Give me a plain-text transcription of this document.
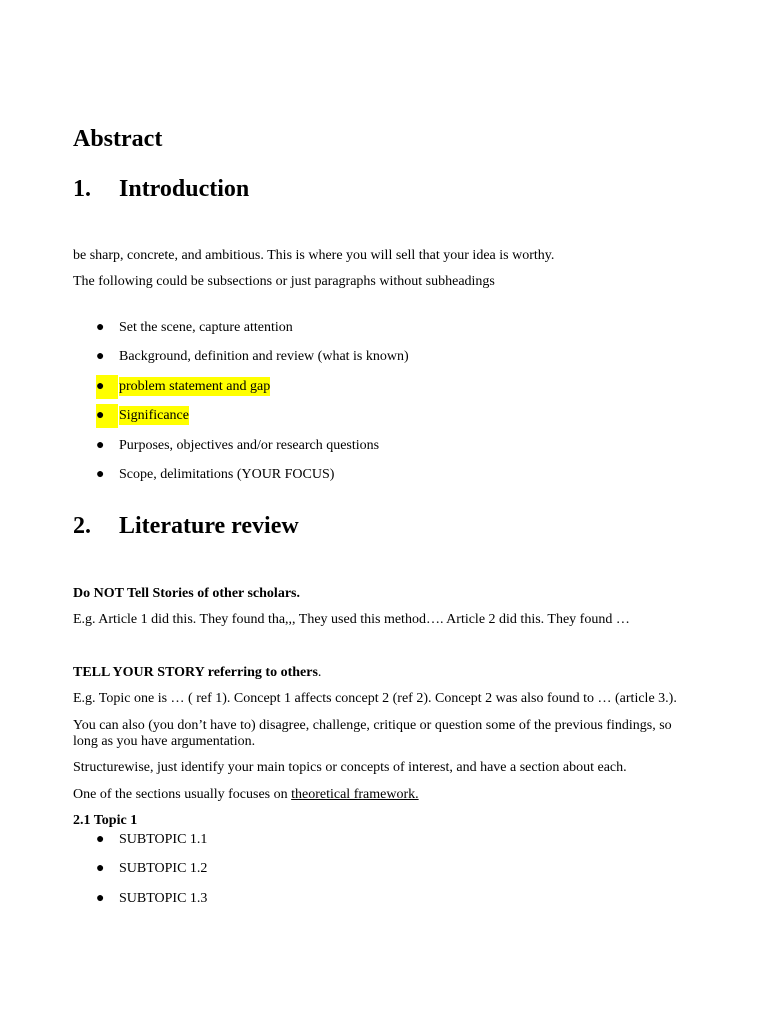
Abstract
1. Introduction

be sharp, concrete, and ambitious. This is where you will sell that your idea is worthy.

The following could be subsections or just paragraphs without subheadings

●	Set the scene, capture attention
●	Background, definition and review (what is known)
●	problem statement and gap
●	Significance
●	Purposes, objectives and/or research questions
●	Scope, delimitations (YOUR FOCUS)
2. Literature review

Do NOT Tell Stories of other scholars.

E.g. Article 1 did this. They found tha,,, They used this method…. Article 2 did this. They found …

TELL YOUR STORY referring to others.

E.g. Topic one is … ( ref 1). Concept 1 affects concept 2 (ref 2). Concept 2 was also found to … (article 3.).

You can also (you don’t have to) disagree, challenge, critique or question some of the previous findings, so long as you have argumentation.

Structurewise, just identify your main topics or concepts of interest, and have a section about each.

One of the sections usually focuses on theoretical framework.

2.1 Topic 1

●	SUBTOPIC 1.1
●	SUBTOPIC 1.2
●	SUBTOPIC 1.3
